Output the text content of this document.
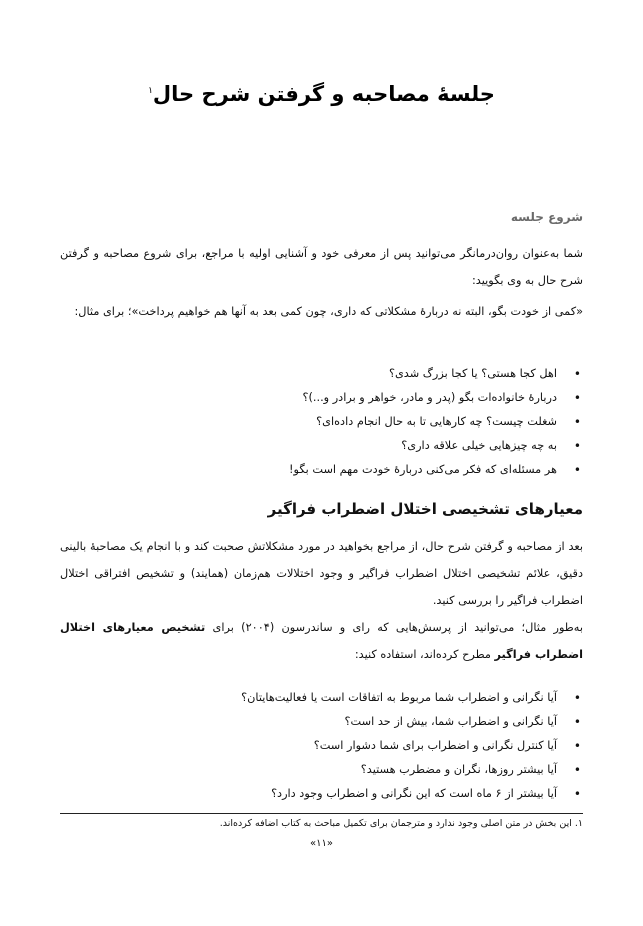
جلسهٔ مصاحبه و گرفتن شرح حال$^۱$
شروع جلسه
شما به‌عنوان روان‌درمانگر می‌توانید پس از معرفی خود و آشنایی اولیه با مراجع، برای شروع مصاحبه و گرفتن شرح حال به وی بگویید:
«کمی از خودت بگو، البته نه دربارهٔ مشکلاتی که داری، چون کمی بعد به آنها هم خواهیم پرداخت»؛ برای مثال:
•
اهل کجا هستی؟ یا کجا بزرگ شدی؟
•
دربارهٔ خانواده‌ات بگو (پدر و مادر، خواهر و برادر و...)؟
•
شغلت چیست؟ چه کارهایی تا به حال انجام داده‌ای؟
•
به چه چیزهایی خیلی علاقه داری؟
•
هر مسئله‌ای که فکر می‌کنی دربارهٔ خودت مهم است بگو!
معیارهای تشخیصی اختلال اضطراب فراگیر
بعد از مصاحبه و گرفتن شرح حال، از مراجع بخواهید در مورد مشکلاتش صحبت کند و با انجام یک مصاحبهٔ بالینی دقیق، علائم تشخیصی اختلال اضطراب فراگیر و وجود اختلالات هم‌زمان (همایند) و تشخیص افتراقی اختلال اضطراب فراگیر را بررسی کنید.
به‌طور مثال؛ می‌توانید از پرسش‌هایی که رای و ساندرسون (۲۰۰۴) برای تشخیص معیارهای اختلال اضطراب فراگیر مطرح کرده‌اند، استفاده کنید:
•
آیا نگرانی و اضطراب شما مربوط به اتفاقات است یا فعالیت‌هایتان؟
•
آیا نگرانی و اضطراب شما، بیش از حد است؟
•
آیا کنترل نگرانی و اضطراب برای شما دشوار است؟
•
آیا بیشتر روزها، نگران و مضطرب هستید؟
•
آیا بیشتر از ۶ ماه است که این نگرانی و اضطراب وجود دارد؟
۱. این بخش در متن اصلی وجود ندارد و مترجمان برای تکمیل مباحث به کتاب اضافه کرده‌اند.
«۱۱»
